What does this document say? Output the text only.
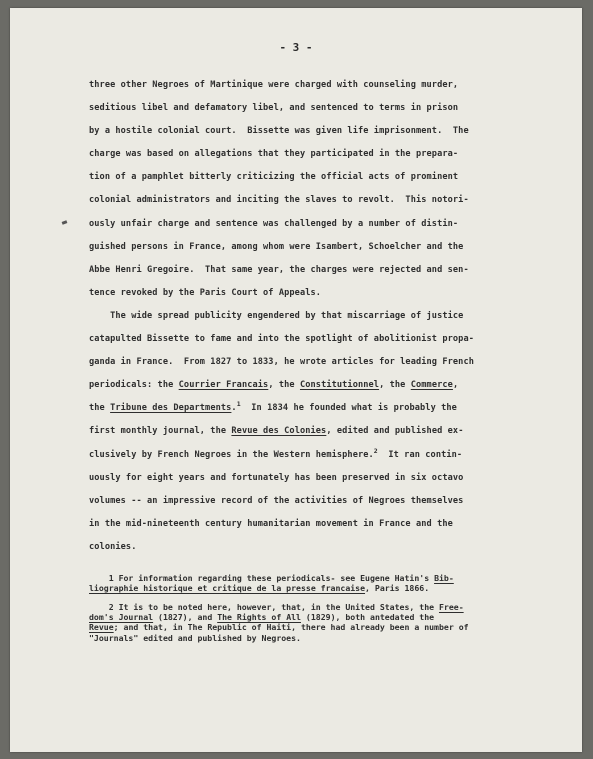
- 3 -
three other Negroes of Martinique were charged with counseling murder,
seditious libel and defamatory libel, and sentenced to terms in prison
by a hostile colonial court.  Bissette was given life imprisonment.  The
charge was based on allegations that they participated in the prepara-
tion of a pamphlet bitterly criticizing the official acts of prominent
colonial administrators and inciting the slaves to revolt.  This notori-
ously unfair charge and sentence was challenged by a number of distin-
guished persons in France, among whom were Isambert, Schoelcher and the
Abbe Henri Gregoire.  That same year, the charges were rejected and sen-
tence revoked by the Paris Court of Appeals.
The wide spread publicity engendered by that miscarriage of justice
catapulted Bissette to fame and into the spotlight of abolitionist propa-
ganda in France.  From 1827 to 1833, he wrote articles for leading French
periodicals: the Courrier Francais, the Constitutionnel, the Commerce,
the Tribune des Departments.$^1$  In 1834 he founded what is probably the
first monthly journal, the Revue des Colonies, edited and published ex-
clusively by French Negroes in the Western hemisphere.$^2$  It ran contin-
uously for eight years and fortunately has been preserved in six octavo
volumes -- an impressive record of the activities of Negroes themselves
in the mid-nineteenth century humanitarian movement in France and the
colonies.
1 For information regarding these periodicals- see Eugene Hatin's Bib-
liographie historique et critique de la presse francaise, Paris 1866.
2 It is to be noted here, however, that, in the United States, the Free-
dom's Journal (1827), and The Rights of All (1829), both antedated the
Revue; and that, in The Republic of Haiti, there had already been a number of
"Journals" edited and published by Negroes.
